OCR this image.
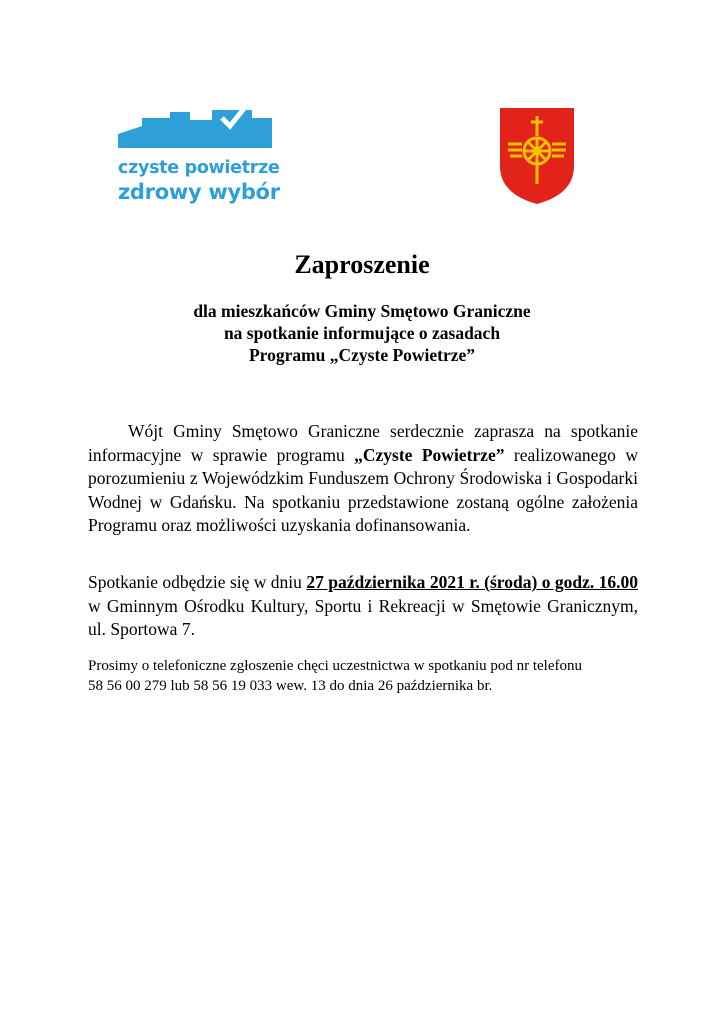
czyste powietrze
zdrowy wybór
Zaproszenie
dla mieszkańców Gminy Smętowo Graniczne
na spotkanie informujące o zasadach
Programu „Czyste Powietrze”
Wójt Gminy Smętowo Graniczne serdecznie zaprasza na spotkanie informacyjne w sprawie programu „Czyste Powietrze” realizowanego w porozumieniu z Wojewódzkim Funduszem Ochrony Środowiska i Gospodarki Wodnej w Gdańsku. Na spotkaniu przedstawione zostaną ogólne założenia Programu oraz możliwości uzyskania dofinansowania.
Spotkanie odbędzie się w dniu 27 października 2021 r. (środa) o godz. 16.00 w Gminnym Ośrodku Kultury, Sportu i Rekreacji w Smętowie Granicznym, ul. Sportowa 7.
Prosimy o telefoniczne zgłoszenie chęci uczestnictwa w spotkaniu pod nr telefonu
58 56 00 279 lub 58 56 19 033 wew. 13 do dnia 26 października br.
